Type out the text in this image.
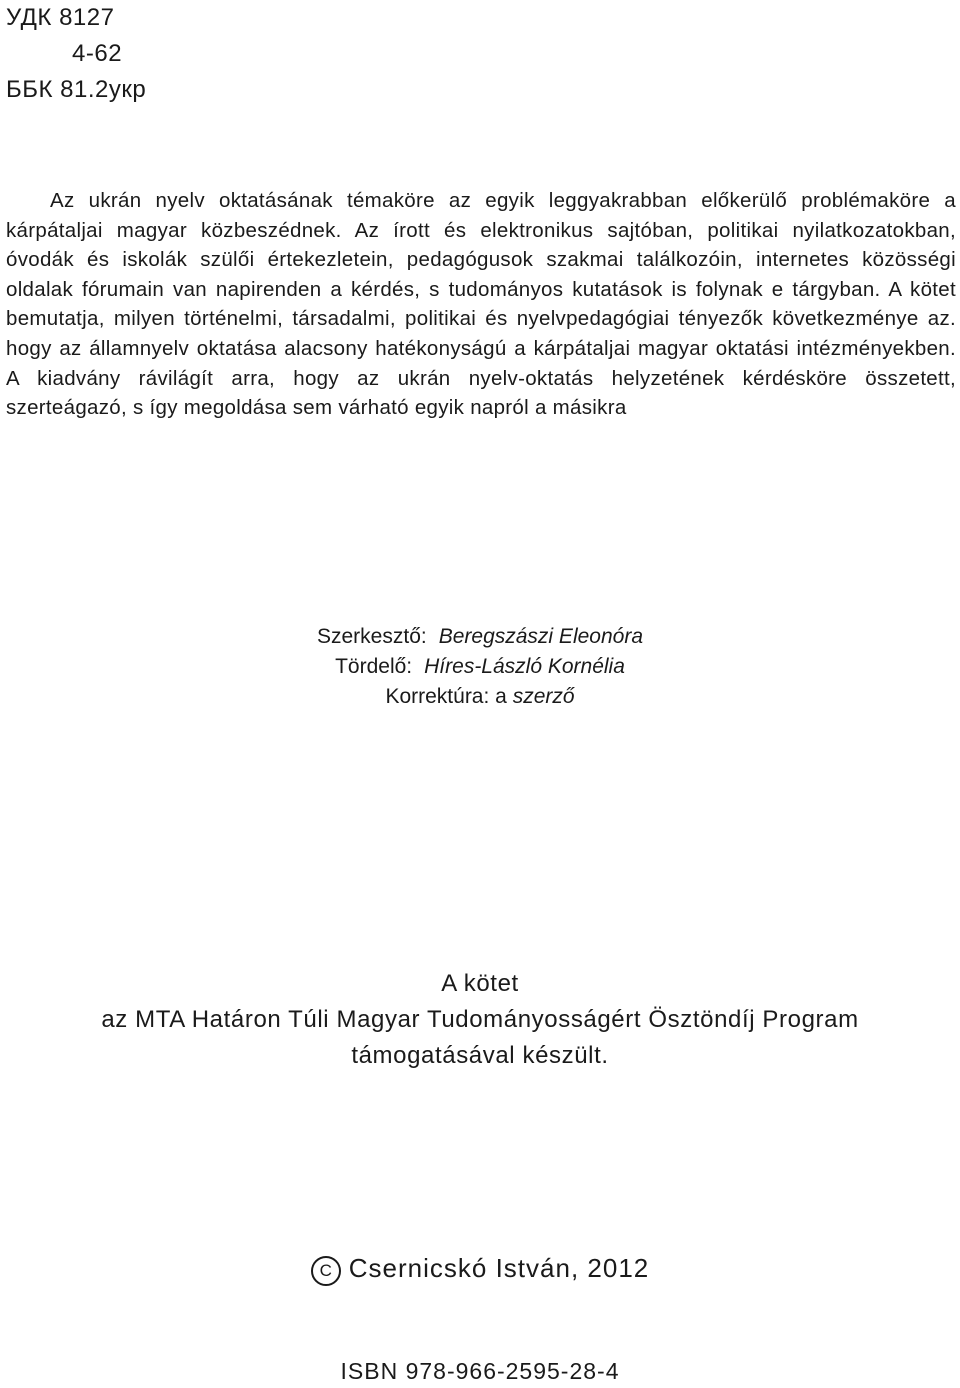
УДК 8127
4-62
ББК 81.2укр

Az ukrán nyelv oktatásának témaköre az egyik leggyakrabban előkerülő problémaköre a kárpátaljai magyar közbeszédnek. Az írott és elektronikus sajtóban, politikai nyilatkozatokban, óvodák és iskolák szülői értekezletein, pedagógusok szakmai találkozóin, internetes közösségi oldalak fórumain van napirenden a kérdés, s tudományos kutatások is folynak e tárgyban. A kötet bemutatja, milyen történelmi, társadalmi, politikai és nyelvpedagógiai tényezők következménye az. hogy az államnyelv oktatása alacsony hatékonyságú a kárpátaljai magyar oktatási intézményekben. A kiadvány rávilágít arra, hogy az ukrán nyelv-oktatás helyzetének kérdésköre összetett, szerteágazó, s így megoldása sem várható egyik napról a másikra

Szerkesztő: Beregszászi Eleonóra
Tördelő: Híres-László Kornélia
Korrektúra: a szerző
A kötet
az MTA Határon Túli Magyar Tudományosságért Ösztöndíj Program
támogatásával készült.
C Csernicskó István, 2012
ISBN 978-966-2595-28-4
